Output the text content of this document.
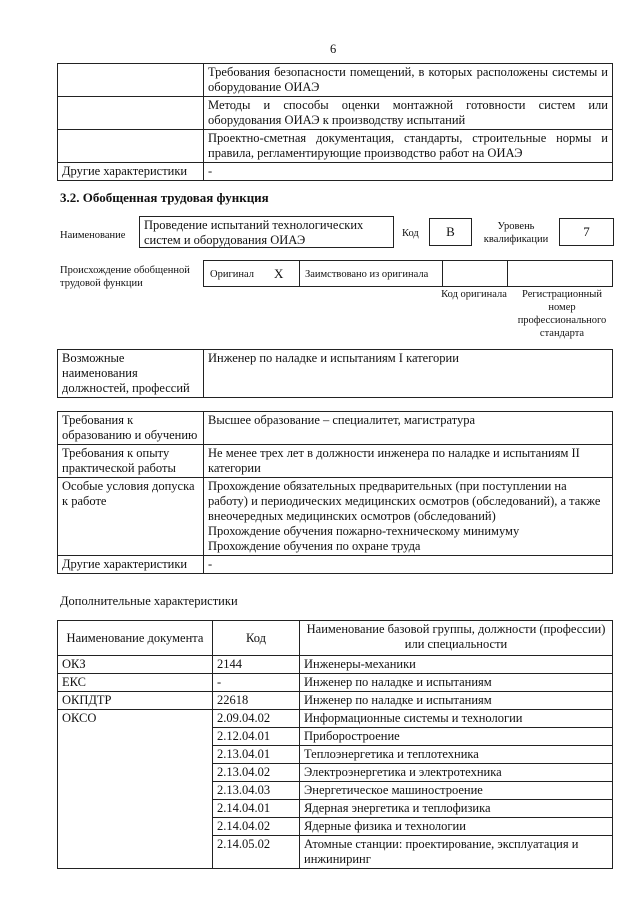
6
	Требования безопасности помещений, в которых расположены системы и оборудование ОИАЭ
	Методы и способы оценки монтажной готовности систем или оборудования ОИАЭ к производству испытаний
	Проектно-сметная документация, стандарты, строительные нормы и правила, регламентирующие производство работ на ОИАЭ
Другие характеристики	-
3.2. Обобщенная трудовая функция
Наименование
Проведение испытаний технологических систем и оборудования ОИАЭ	Код	В	Уровень квалификации
7
Происхождение обобщенной трудовой функции
Оригинал X Заимствовано из оригинала
Код оригинала	Регистрационный номер профессионального стандарта
Возможные наименования должностей, профессий	Инженер по наладке и испытаниям I категории
Требования к образованию и обучению	Высшее образование – специалитет, магистратура
Требования к опыту практической работы	Не менее трех лет в должности инженера по наладке и испытаниям II категории
Особые условия допуска к работе	Прохождение обязательных предварительных (при поступлении на работу) и периодических медицинских осмотров (обследований), а также внеочередных медицинских осмотров (обследований)
Прохождение обучения пожарно-техническому минимуму
Прохождение обучения по охране труда
Другие характеристики	-
Дополнительные характеристики
Наименование документа	Код	Наименование базовой группы, должности (профессии) или специальности
ОКЗ	2144	Инженеры-механики
ЕКС	-	Инженер по наладке и испытаниям
ОКПДТР	22618	Инженер по наладке и испытаниям
ОКСО	2.09.04.02	Информационные системы и технологии
	2.12.04.01	Приборостроение
	2.13.04.01	Теплоэнергетика и теплотехника
	2.13.04.02	Электроэнергетика и электротехника
	2.13.04.03	Энергетическое машиностроение
	2.14.04.01	Ядерная энергетика и теплофизика
	2.14.04.02	Ядерные физика и технологии
	2.14.05.02	Атомные станции: проектирование, эксплуатация и инжиниринг
